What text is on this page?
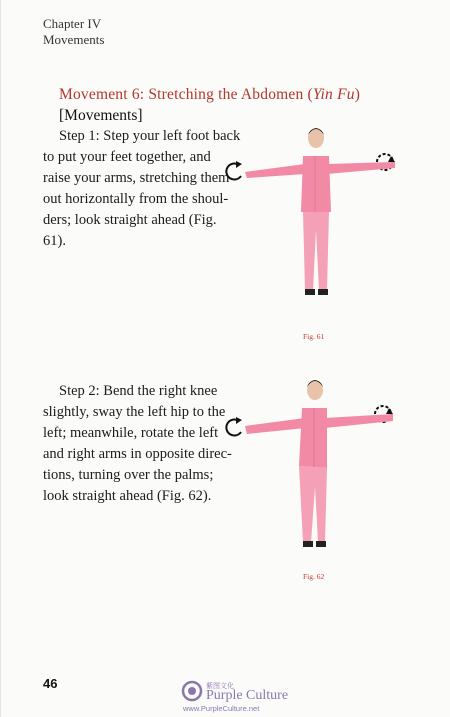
Chapter IV
Movements
Movement 6: Stretching the Abdomen (Yin Fu)
[Movements]
Step 1: Step your left foot back
to put your feet together, and
raise your arms, stretching them
out horizontally from the shoul-
ders; look straight ahead (Fig.
61).
Fig. 61
Step 2: Bend the right knee
slightly, sway the left hip to the
left; meanwhile, rotate the left
and right arms in opposite direc-
tions, turning over the palms;
look straight ahead (Fig. 62).
Fig. 62
46	紫图文化
Purple Culture
www.PurpleCulture.net
